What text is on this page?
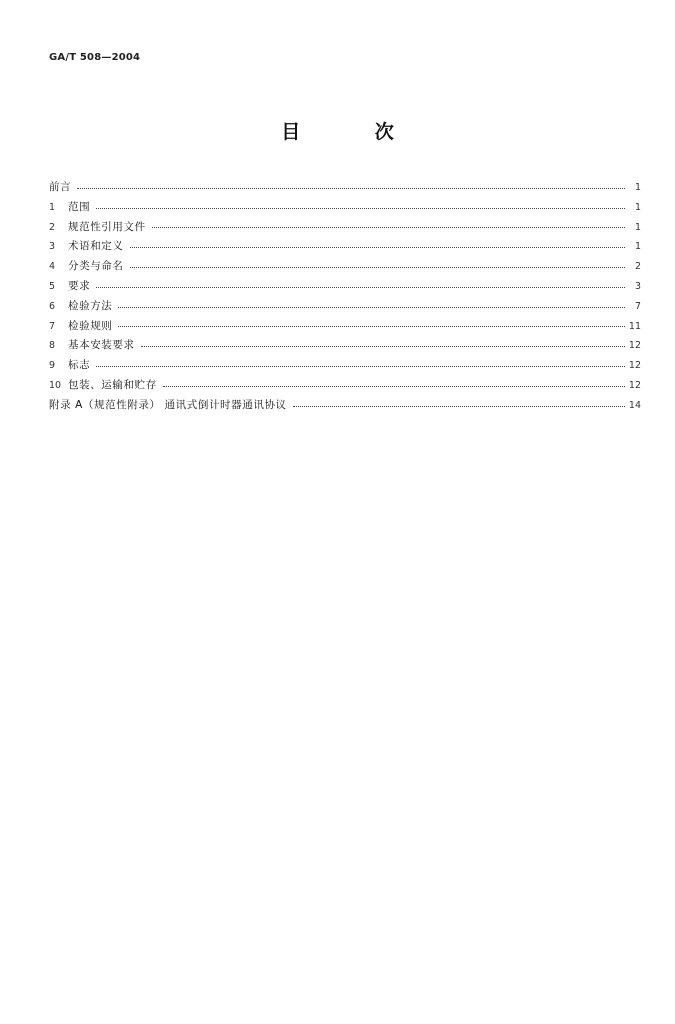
GA/T 508—2004
目 次
前言	1
1	范围	1
2	规范性引用文件	1
3	术语和定义	1
4	分类与命名	2
5	要求	3
6	检验方法	7
7	检验规则	11
8	基本安装要求	12
9	标志	12
10 包装、运输和贮存	12
附录 A（规范性附录） 通讯式倒计时器通讯协议	14
